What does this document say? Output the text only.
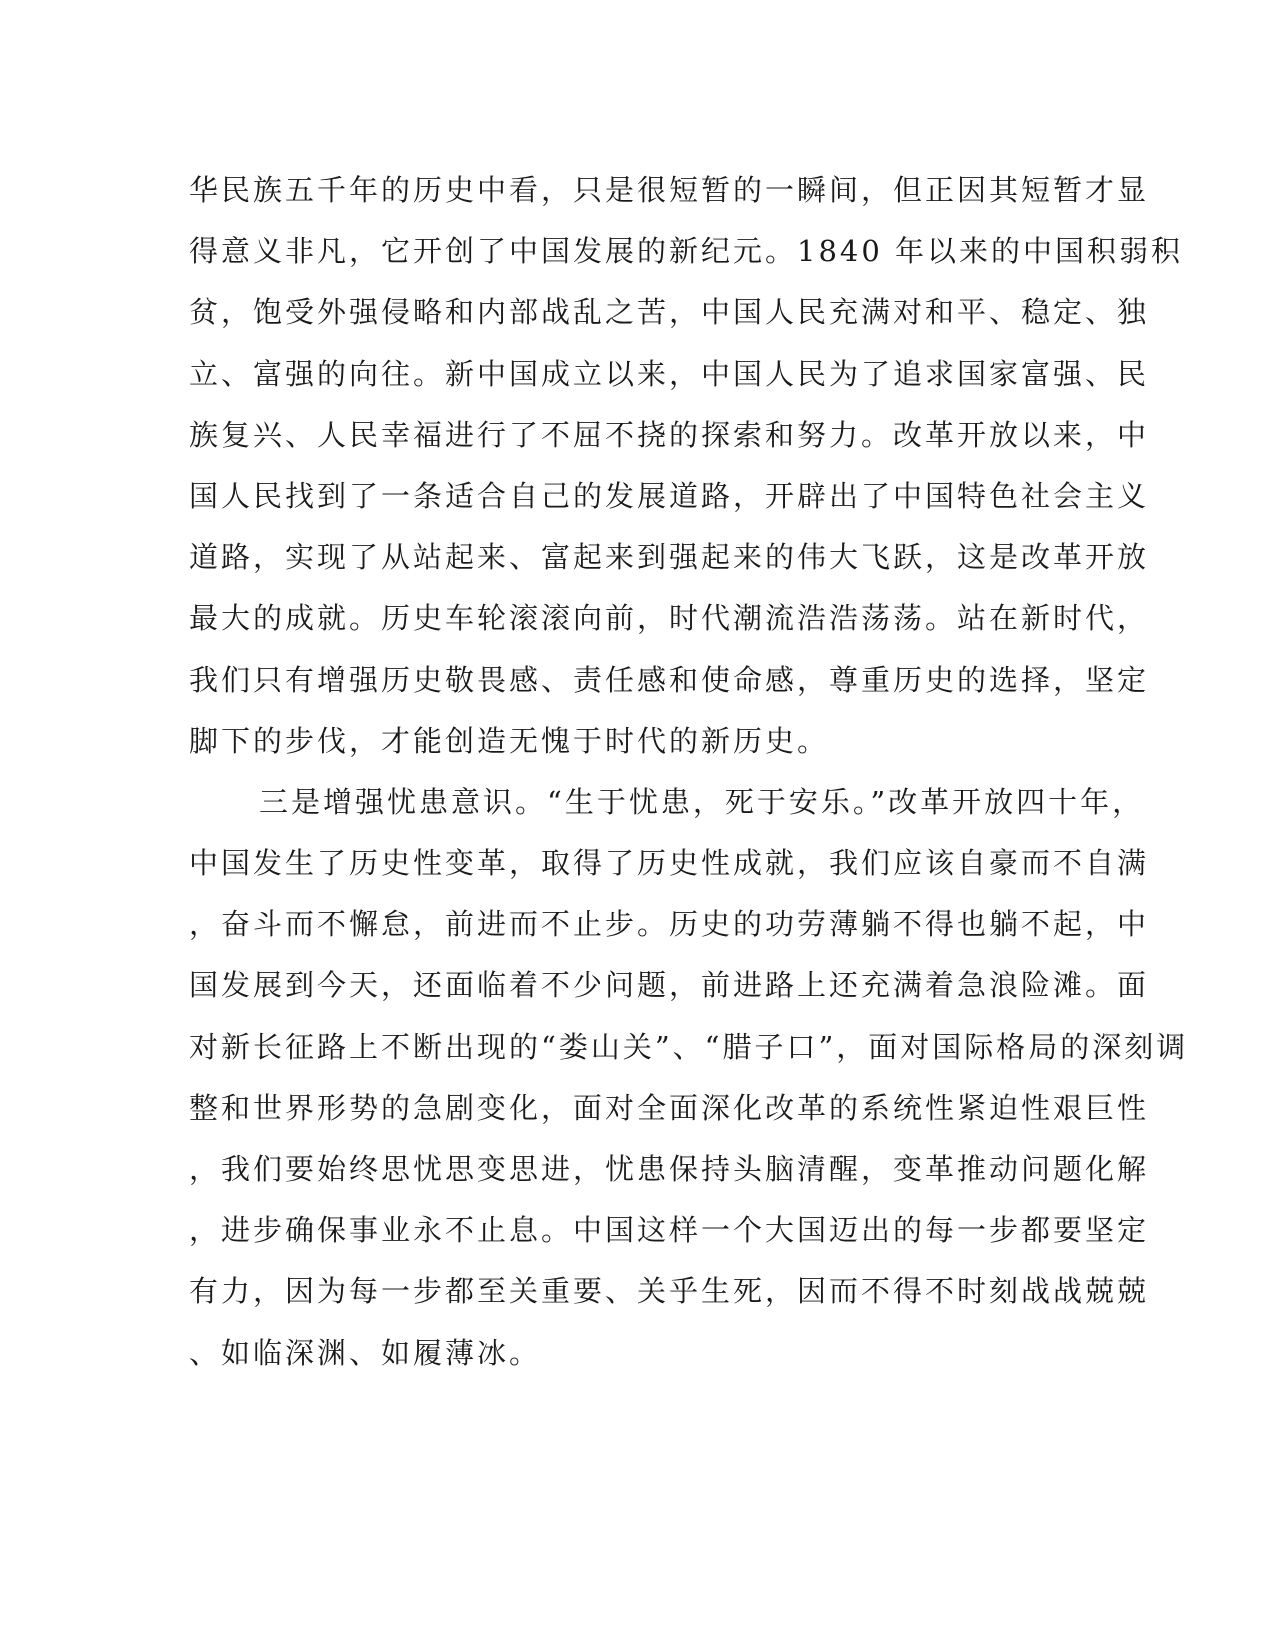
华民族五千年的历史中看，只是很短暂的一瞬间，但正因其短暂才显
得意义非凡，它开创了中国发展的新纪元。1840 年以来的中国积弱积
贫，饱受外强侵略和内部战乱之苦，中国人民充满对和平、稳定、独
立、富强的向往。新中国成立以来，中国人民为了追求国家富强、民
族复兴、人民幸福进行了不屈不挠的探索和努力。改革开放以来，中
国人民找到了一条适合自己的发展道路，开辟出了中国特色社会主义
道路，实现了从站起来、富起来到强起来的伟大飞跃，这是改革开放
最大的成就。历史车轮滚滚向前，时代潮流浩浩荡荡。站在新时代，
我们只有增强历史敬畏感、责任感和使命感，尊重历史的选择，坚定
脚下的步伐，才能创造无愧于时代的新历史。
三是增强忧患意识。“生于忧患，死于安乐。”改革开放四十年，
中国发生了历史性变革，取得了历史性成就，我们应该自豪而不自满
，奋斗而不懈怠，前进而不止步。历史的功劳薄躺不得也躺不起，中
国发展到今天，还面临着不少问题，前进路上还充满着急浪险滩。面
对新长征路上不断出现的“娄山关”、“腊子口”，面对国际格局的深刻调
整和世界形势的急剧变化，面对全面深化改革的系统性紧迫性艰巨性
，我们要始终思忧思变思进，忧患保持头脑清醒，变革推动问题化解
，进步确保事业永不止息。中国这样一个大国迈出的每一步都要坚定
有力，因为每一步都至关重要、关乎生死，因而不得不时刻战战兢兢
、如临深渊、如履薄冰。
